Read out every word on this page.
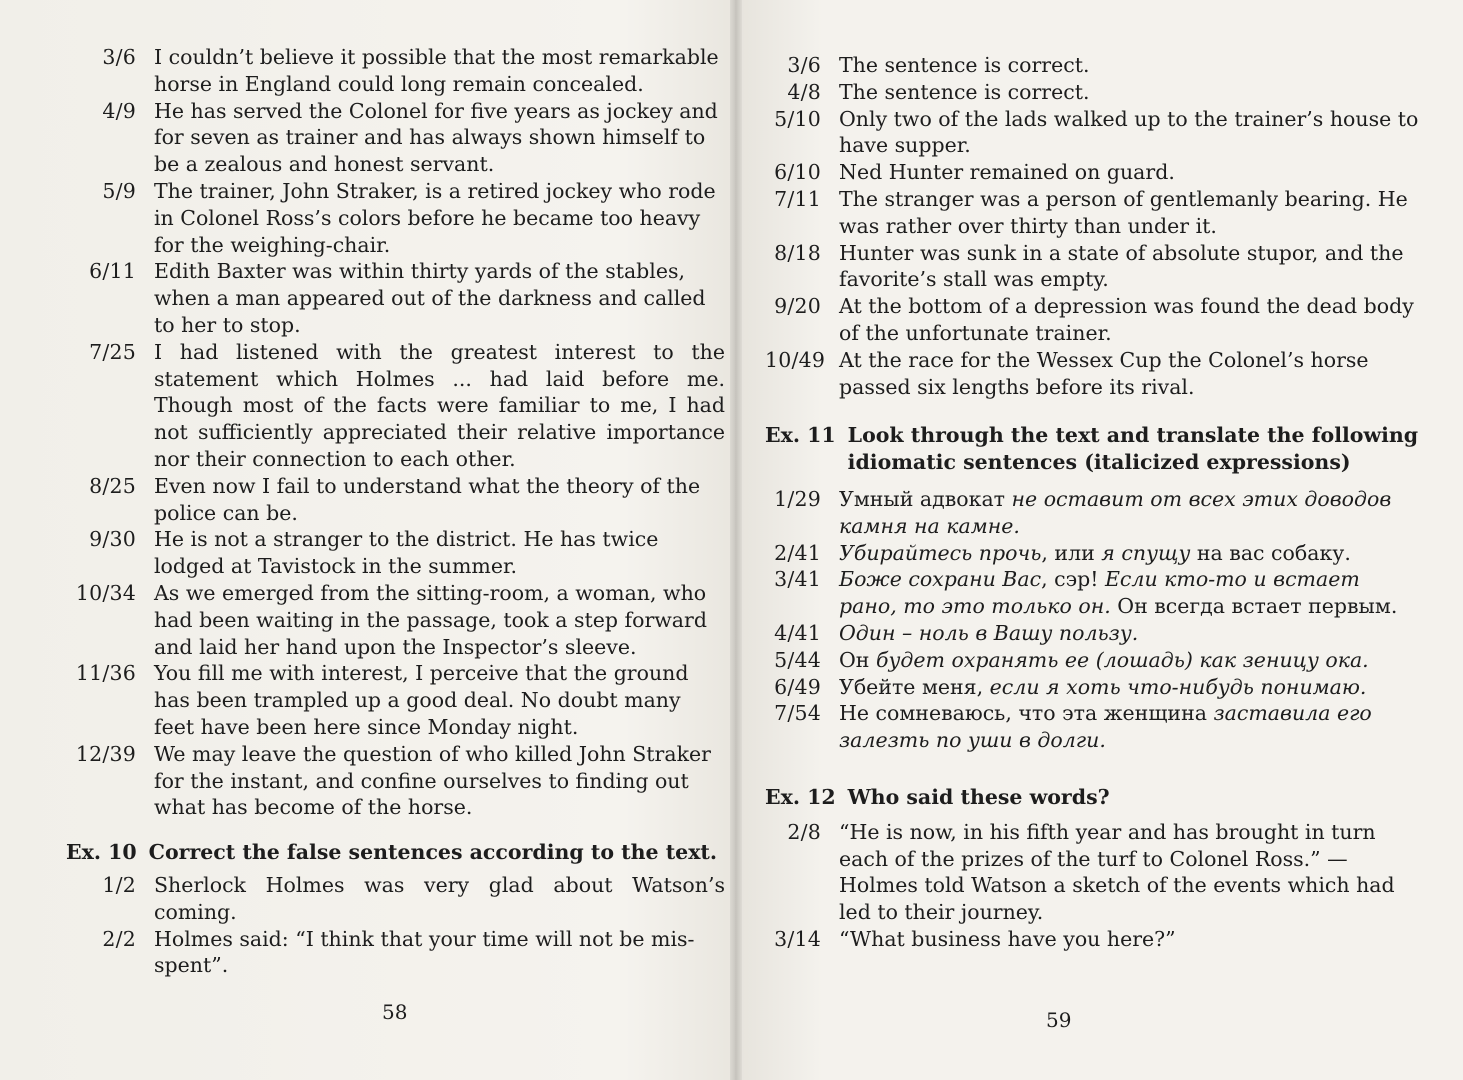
3/6 I couldn’t believe it possible that the most remarkable horse in England could long remain concealed.
4/9 He has served the Colonel for five years as jockey and for seven as trainer and has always shown himself to be a zealous and honest servant.
5/9 The trainer, John Straker, is a retired jockey who rode in Colonel Ross’s colors before he became too heavy for the weighing-chair.
6/11 Edith Baxter was within thirty yards of the stables, when a man appeared out of the darkness and called to her to stop.
7/25 I had listened with the greatest interest to the statement which Holmes ... had laid before me. Though most of the facts were familiar to me, I had not sufficiently appreciated their relative importance nor their connection to each other.
8/25 Even now I fail to understand what the theory of the police can be.
9/30 He is not a stranger to the district. He has twice lodged at Tavistock in the summer.
10/34 As we emerged from the sitting-room, a woman, who had been waiting in the passage, took a step forward and laid her hand upon the Inspector’s sleeve.
11/36 You fill me with interest, I perceive that the ground has been trampled up a good deal. No doubt many feet have been here since Monday night.
12/39 We may leave the question of who killed John Straker for the instant, and confine ourselves to finding out what has become of the horse.
Ex. 10 Correct the false sentences according to the text.
1/2 Sherlock Holmes was very glad about Watson’s coming.
2/2 Holmes said: “I think that your time will not be mis-spent”.
58
3/6 The sentence is correct.
4/8 The sentence is correct.
5/10 Only two of the lads walked up to the trainer’s house to have supper.
6/10 Ned Hunter remained on guard.
7/11 The stranger was a person of gentlemanly bearing. He was rather over thirty than under it.
8/18 Hunter was sunk in a state of absolute stupor, and the favorite’s stall was empty.
9/20 At the bottom of a depression was found the dead body of the unfortunate trainer.
10/49 At the race for the Wessex Cup the Colonel’s horse passed six lengths before its rival.
Ex. 11 Look through the text and translate the following idiomatic sentences (italicized expressions)
1/29 Умный адвокат не оставит от всех этих доводов камня на камне.
2/41 Убирайтесь прочь, или я спущу на вас собаку.
3/41 Боже сохрани Вас, сэр! Если кто-то и встает рано, то это только он. Он всегда встает первым.
4/41 Один – ноль в Вашу пользу.
5/44 Он будет охранять ее (лошадь) как зеницу ока.
6/49 Убейте меня, если я хоть что-нибудь понимаю.
7/54 Не сомневаюсь, что эта женщина заставила его залезть по уши в долги.
Ex. 12 Who said these words?
2/8 “He is now, in his fifth year and has brought in turn each of the prizes of the turf to Colonel Ross.” — Holmes told Watson a sketch of the events which had led to their journey.
3/14 “What business have you here?”
59
